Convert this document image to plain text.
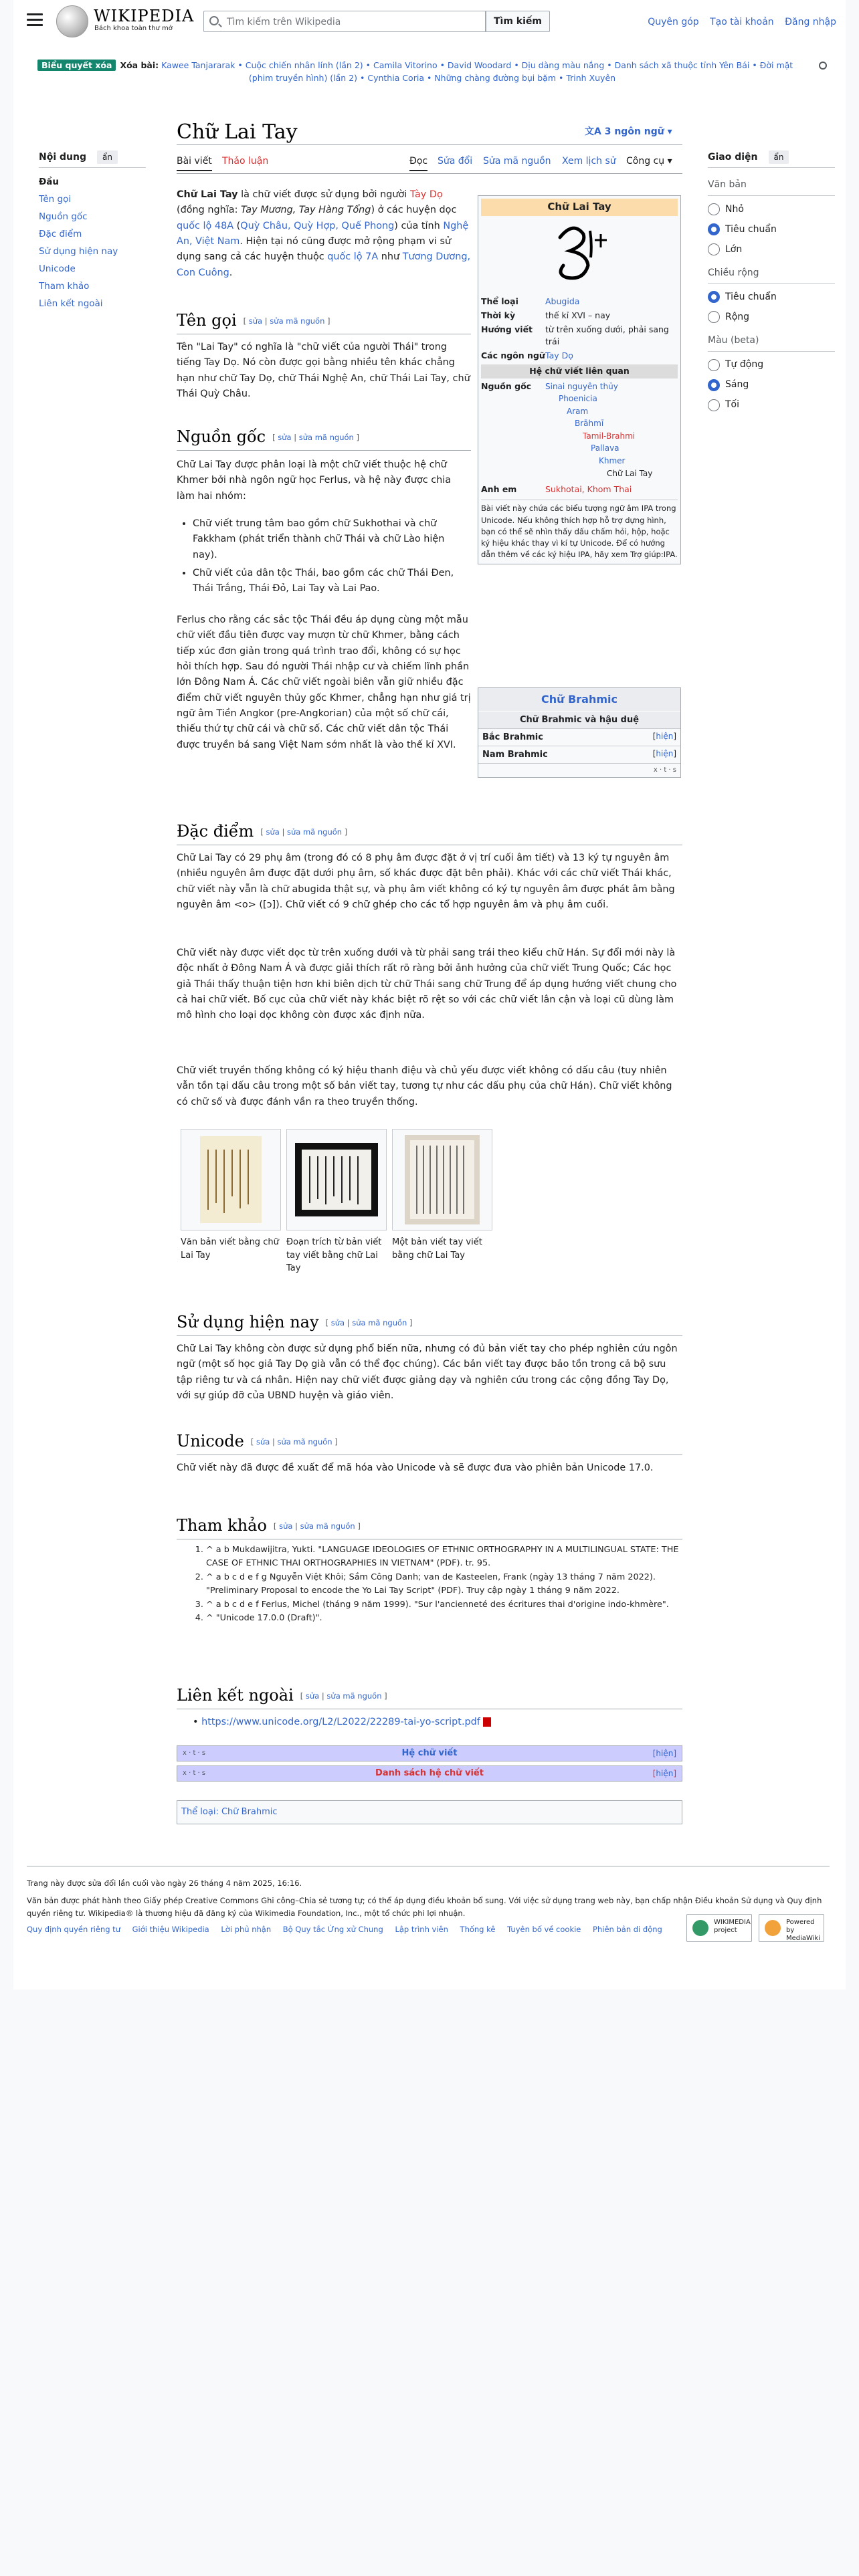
WIKIPEDIA
Bách khoa toàn thư mở
Tìm kiếm trên Wikipedia	Tìm kiếm	Quyên góp Tạo tài khoản Đăng nhập
Biểu quyết xóa Xóa bài: Kawee Tanjararak • Cuộc chiến nhân lính (lần 2) • Camila Vitorino • David Woodard • Dịu dàng màu nắng • Danh sách xã thuộc tỉnh Yên Bái • Đời mặt

(phim truyền hình) (lần 2) • Cynthia Coria • Những chàng đường bụi bặm • Trinh Xuyên
Nội dung ẩn
Đầu
Tên gọi
Nguồn gốc
Đặc điểm
Sử dụng hiện nay
Unicode
Tham khảo
Liên kết ngoài
Chữ Lai Tay	文A 3 ngôn ngữ ▾
Bài viết Thảo luận	Đọc Sửa đổi Sửa mã nguồn Xem lịch sử Công cụ ▾	Giao diện ẩn
Văn bản
Nhỏ
Tiêu chuẩn
Lớn
Chiều rộng
Tiêu chuẩn
Rộng
Màu (beta)
Tự động
Sáng
Tối
Chữ Lai Tay là chữ viết được sử dụng bởi người Tày Dọ (đồng nghĩa: Tay Mương, Tay Hàng Tổng) ở các huyện dọc quốc lộ 48A (Quỳ Châu, Quỳ Hợp, Quế Phong) của tỉnh Nghệ An, Việt Nam. Hiện tại nó cũng được mở rộng phạm vi sử dụng sang cả các huyện thuộc quốc lộ 7A như Tương Dương, Con Cuông.
Chữ Lai Tay
Thể loại	Abugida
Thời kỳ	thế kỉ XVI – nay
Hướng viết	từ trên xuống dưới, phải sang trái
Các ngôn ngữ Tay Dọ
Hệ chữ viết liên quan
Nguồn gốc	Sinai nguyên thủy
Phoenicia
Aram
Brāhmī
Tamil-Brahmi
Pallava
Khmer
Chữ Lai Tay
Anh em	Sukhotai, Khom Thai
Bài viết này chứa các biểu tượng ngữ âm IPA trong Unicode. Nếu không thích hợp hỗ trợ dựng hình, bạn có thể sẽ nhìn thấy dấu chấm hỏi, hộp, hoặc ký hiệu khác thay vì kí tự Unicode. Để có hướng dẫn thêm về các ký hiệu IPA, hãy xem Trợ giúp:IPA.
Chữ Brahmic
Chữ Brahmic và hậu duệ
Bắc Brahmic	[hiện]
Nam Brahmic	[hiện]
x · t · s
Tên gọi [ sửa | sửa mã nguồn ]
Tên "Lai Tay" có nghĩa là "chữ viết của người Thái" trong tiếng Tay Dọ. Nó còn được gọi bằng nhiều tên khác chẳng hạn như chữ Tay Dọ, chữ Thái Nghệ An, chữ Thái Lai Tay, chữ Thái Quỳ Châu.
Nguồn gốc [ sửa | sửa mã nguồn ]
Chữ Lai Tay được phân loại là một chữ viết thuộc hệ chữ Khmer bởi nhà ngôn ngữ học Ferlus, và hệ này được chia làm hai nhóm:
• Chữ viết trung tâm bao gồm chữ Sukhothai và chữ Fakkham (phát triển thành chữ Thái và chữ Lào hiện nay).
• Chữ viết của dân tộc Thái, bao gồm các chữ Thái Đen, Thái Trắng, Thái Đỏ, Lai Tay và Lai Pao.
Ferlus cho rằng các sắc tộc Thái đều áp dụng cùng một mẫu chữ viết đầu tiên được vay mượn từ chữ Khmer, bằng cách tiếp xúc đơn giản trong quá trình trao đổi, không có sự học hỏi thích hợp. Sau đó người Thái nhập cư và chiếm lĩnh phần lớn Đông Nam Á. Các chữ viết ngoài biên vẫn giữ nhiều đặc điểm chữ viết nguyên thủy gốc Khmer, chẳng hạn như giá trị ngữ âm Tiền Angkor (pre-Angkorian) của một số chữ cái, thiếu thứ tự chữ cái và chữ số. Các chữ viết dân tộc Thái được truyền bá sang Việt Nam sớm nhất là vào thế kỉ XVI.
Đặc điểm [ sửa | sửa mã nguồn ]
Chữ Lai Tay có 29 phụ âm (trong đó có 8 phụ âm được đặt ở vị trí cuối âm tiết) và 13 ký tự nguyên âm (nhiều nguyên âm được đặt dưới phụ âm, số khác được đặt bên phải). Khác với các chữ viết Thái khác, chữ viết này vẫn là chữ abugida thật sự, và phụ âm viết không có ký tự nguyên âm được phát âm bằng nguyên âm <o> ([ɔ]). Chữ viết có 9 chữ ghép cho các tổ hợp nguyên âm và phụ âm cuối.
Chữ viết này được viết dọc từ trên xuống dưới và từ phải sang trái theo kiểu chữ Hán. Sự đổi mới này là độc nhất ở Đông Nam Á và được giải thích rất rõ ràng bởi ảnh hưởng của chữ viết Trung Quốc; Các học giả Thái thấy thuận tiện hơn khi biên dịch từ chữ Thái sang chữ Trung để áp dụng hướng viết chung cho cả hai chữ viết. Bố cục của chữ viết này khác biệt rõ rệt so với các chữ viết lân cận và loại cũ dùng làm mô hình cho loại dọc không còn được xác định nữa.
Chữ viết truyền thống không có ký hiệu thanh điệu và chủ yếu được viết không có dấu câu (tuy nhiên vẫn tồn tại dấu câu trong một số bản viết tay, tương tự như các dấu phụ của chữ Hán). Chữ viết không có chữ số và được đánh vần ra theo truyền thống.
Văn bản viết bằng chữ Lai Tay
Đoạn trích từ bản viết tay viết bằng chữ Lai Tay
Một bản viết tay viết bằng chữ Lai Tay
Sử dụng hiện nay [ sửa | sửa mã nguồn ]
Chữ Lai Tay không còn được sử dụng phổ biến nữa, nhưng có đủ bản viết tay cho phép nghiên cứu ngôn ngữ (một số học giả Tay Dọ già vẫn có thể đọc chúng). Các bản viết tay được bảo tồn trong cả bộ sưu tập riêng tư và cá nhân. Hiện nay chữ viết được giảng dạy và nghiên cứu trong các cộng đồng Tay Dọ, với sự giúp đỡ của UBND huyện và giáo viên.
Unicode [ sửa | sửa mã nguồn ]
Chữ viết này đã được đề xuất để mã hóa vào Unicode và sẽ được đưa vào phiên bản Unicode 17.0.
Tham khảo [ sửa | sửa mã nguồn ]
1. ^ a b Mukdawijitra, Yukti. "LANGUAGE IDEOLOGIES OF ETHNIC ORTHOGRAPHY IN A MULTILINGUAL STATE: THE CASE OF ETHNIC THAI ORTHOGRAPHIES IN VIETNAM" (PDF). tr. 95.
2. ^ a b c d e f g Nguyễn Việt Khôi; Sầm Công Danh; van de Kasteelen, Frank (ngày 13 tháng 7 năm 2022). "Preliminary Proposal to encode the Yo Lai Tay Script" (PDF). Truy cập ngày 1 tháng 9 năm 2022.
3. ^ a b c d e f Ferlus, Michel (tháng 9 năm 1999). "Sur l'ancienneté des écritures thai d'origine indo-khmère".
4. ^ "Unicode 17.0.0 (Draft)".
Liên kết ngoài [ sửa | sửa mã nguồn ]
• https://www.unicode.org/L2/L2022/22289-tai-yo-script.pdf
x · t · s	Hệ chữ viết	[hiện]
x · t · s	Danh sách hệ chữ viết	[hiện]
Thể loại: Chữ Brahmic
Trang này được sửa đổi lần cuối vào ngày 26 tháng 4 năm 2025, 16:16.
Văn bản được phát hành theo Giấy phép Creative Commons Ghi công–Chia sẻ tương tự; có thể áp dụng điều khoản bổ sung. Với việc sử dụng trang web này, bạn chấp nhận Điều khoản Sử dụng và Quy định quyền riêng tư. Wikipedia® là thương hiệu đã đăng ký của Wikimedia Foundation, Inc., một tổ chức phi lợi nhuận.
Quy định quyền riêng tư Giới thiệu Wikipedia Lời phủ nhận Bộ Quy tắc Ứng xử Chung Lập trình viên Thống kê Tuyên bố về cookie Phiên bản di động
WIKIMEDIA project
Powered by MediaWiki
